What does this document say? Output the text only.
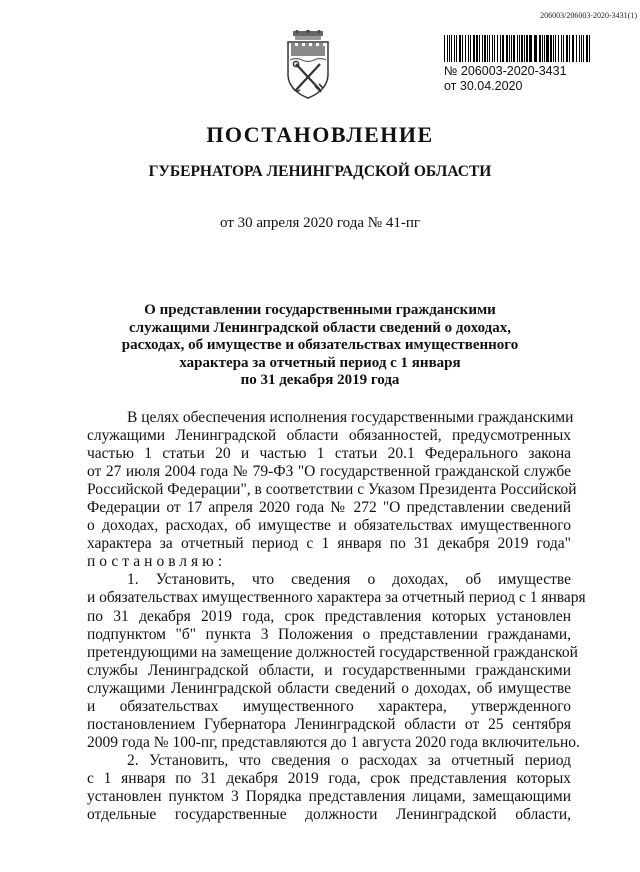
206003/206003-2020-3431(1)
№ 206003-2020-3431
от 30.04.2020
ПОСТАНОВЛЕНИЕ
ГУБЕРНАТОРА ЛЕНИНГРАДСКОЙ ОБЛАСТИ

от 30 апреля 2020 года № 41-пг

О представлении государственными гражданскими
служащими Ленинградской области сведений о доходах,
расходах, об имуществе и обязательствах имущественного
характера за отчетный период с 1 января
по 31 декабря 2019 года
В целях обеспечения исполнения государственными гражданскими
служащими Ленинградской области обязанностей, предусмотренных
частью 1 статьи 20 и частью 1 статьи 20.1 Федерального закона
от 27 июля 2004 года № 79-ФЗ "О государственной гражданской службе
Российской Федерации", в соответствии с Указом Президента Российской
Федерации от 17 апреля 2020 года № 272 "О представлении сведений
о доходах, расходах, об имуществе и обязательствах имущественного
характера за отчетный период с 1 января по 31 декабря 2019 года"
постановляю:
1. Установить, что сведения о доходах, об имуществе
и обязательствах имущественного характера за отчетный период с 1 января
по 31 декабря 2019 года, срок представления которых установлен
подпунктом "б" пункта 3 Положения о представлении гражданами,
претендующими на замещение должностей государственной гражданской
службы Ленинградской области, и государственными гражданскими
служащими Ленинградской области сведений о доходах, об имуществе
и обязательствах имущественного характера, утвержденного
постановлением Губернатора Ленинградской области от 25 сентября
2009 года № 100-пг, представляются до 1 августа 2020 года включительно.
2. Установить, что сведения о расходах за отчетный период
с 1 января по 31 декабря 2019 года, срок представления которых
установлен пунктом 3 Порядка представления лицами, замещающими
отдельные государственные должности Ленинградской области,
